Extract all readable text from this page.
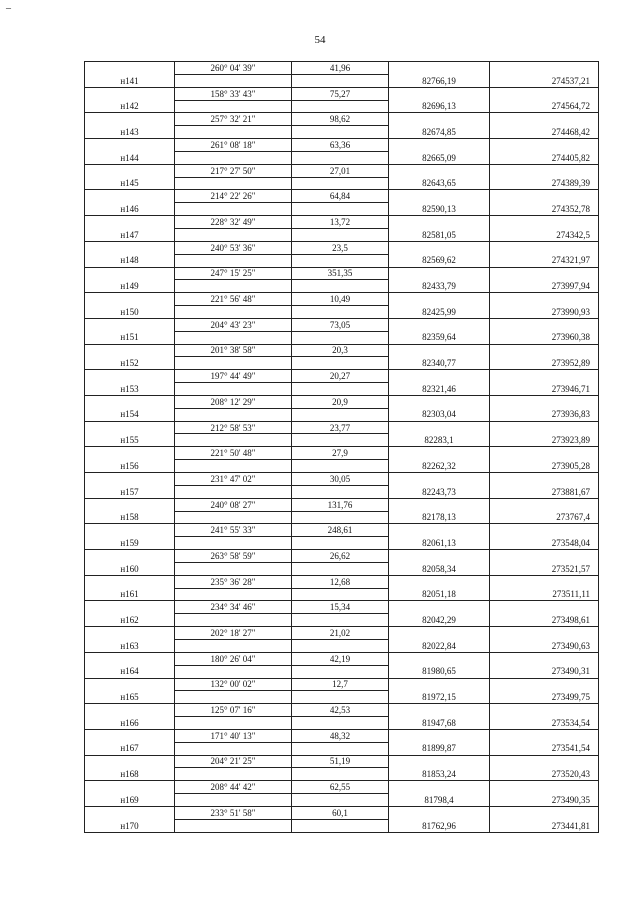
–
54
	260° 04' 39"	41,96		
н141			82766,19	274537,21
	158° 33' 43"	75,27		
н142			82696,13	274564,72
	257° 32' 21"	98,62		
н143			82674,85	274468,42
	261° 08' 18"	63,36		
н144			82665,09	274405,82
	217° 27' 50"	27,01		
н145			82643,65	274389,39
	214° 22' 26"	64,84		
н146			82590,13	274352,78
	228° 32' 49"	13,72		
н147			82581,05	274342,5
	240° 53' 36"	23,5		
н148			82569,62	274321,97
	247° 15' 25"	351,35		
н149			82433,79	273997,94
	221° 56' 48"	10,49		
н150			82425,99	273990,93
	204° 43' 23"	73,05		
н151			82359,64	273960,38
	201° 38' 58"	20,3		
н152			82340,77	273952,89
	197° 44' 49"	20,27		
н153			82321,46	273946,71
	208° 12' 29"	20,9		
н154			82303,04	273936,83
	212° 58' 53"	23,77		
н155			82283,1	273923,89
	221° 50' 48"	27,9		
н156			82262,32	273905,28
	231° 47' 02"	30,05		
н157			82243,73	273881,67
	240° 08' 27"	131,76		
н158			82178,13	273767,4
	241° 55' 33"	248,61		
н159			82061,13	273548,04
	263° 58' 59"	26,62		
н160			82058,34	273521,57
	235° 36' 28"	12,68		
н161			82051,18	273511,11
	234° 34' 46"	15,34		
н162			82042,29	273498,61
	202° 18' 27"	21,02		
н163			82022,84	273490,63
	180° 26' 04"	42,19		
н164			81980,65	273490,31
	132° 00' 02"	12,7		
н165			81972,15	273499,75
	125° 07' 16"	42,53		
н166			81947,68	273534,54
	171° 40' 13"	48,32		
н167			81899,87	273541,54
	204° 21' 25"	51,19		
н168			81853,24	273520,43
	208° 44' 42"	62,55		
н169			81798,4	273490,35
	233° 51' 58"	60,1		
н170			81762,96	273441,81
